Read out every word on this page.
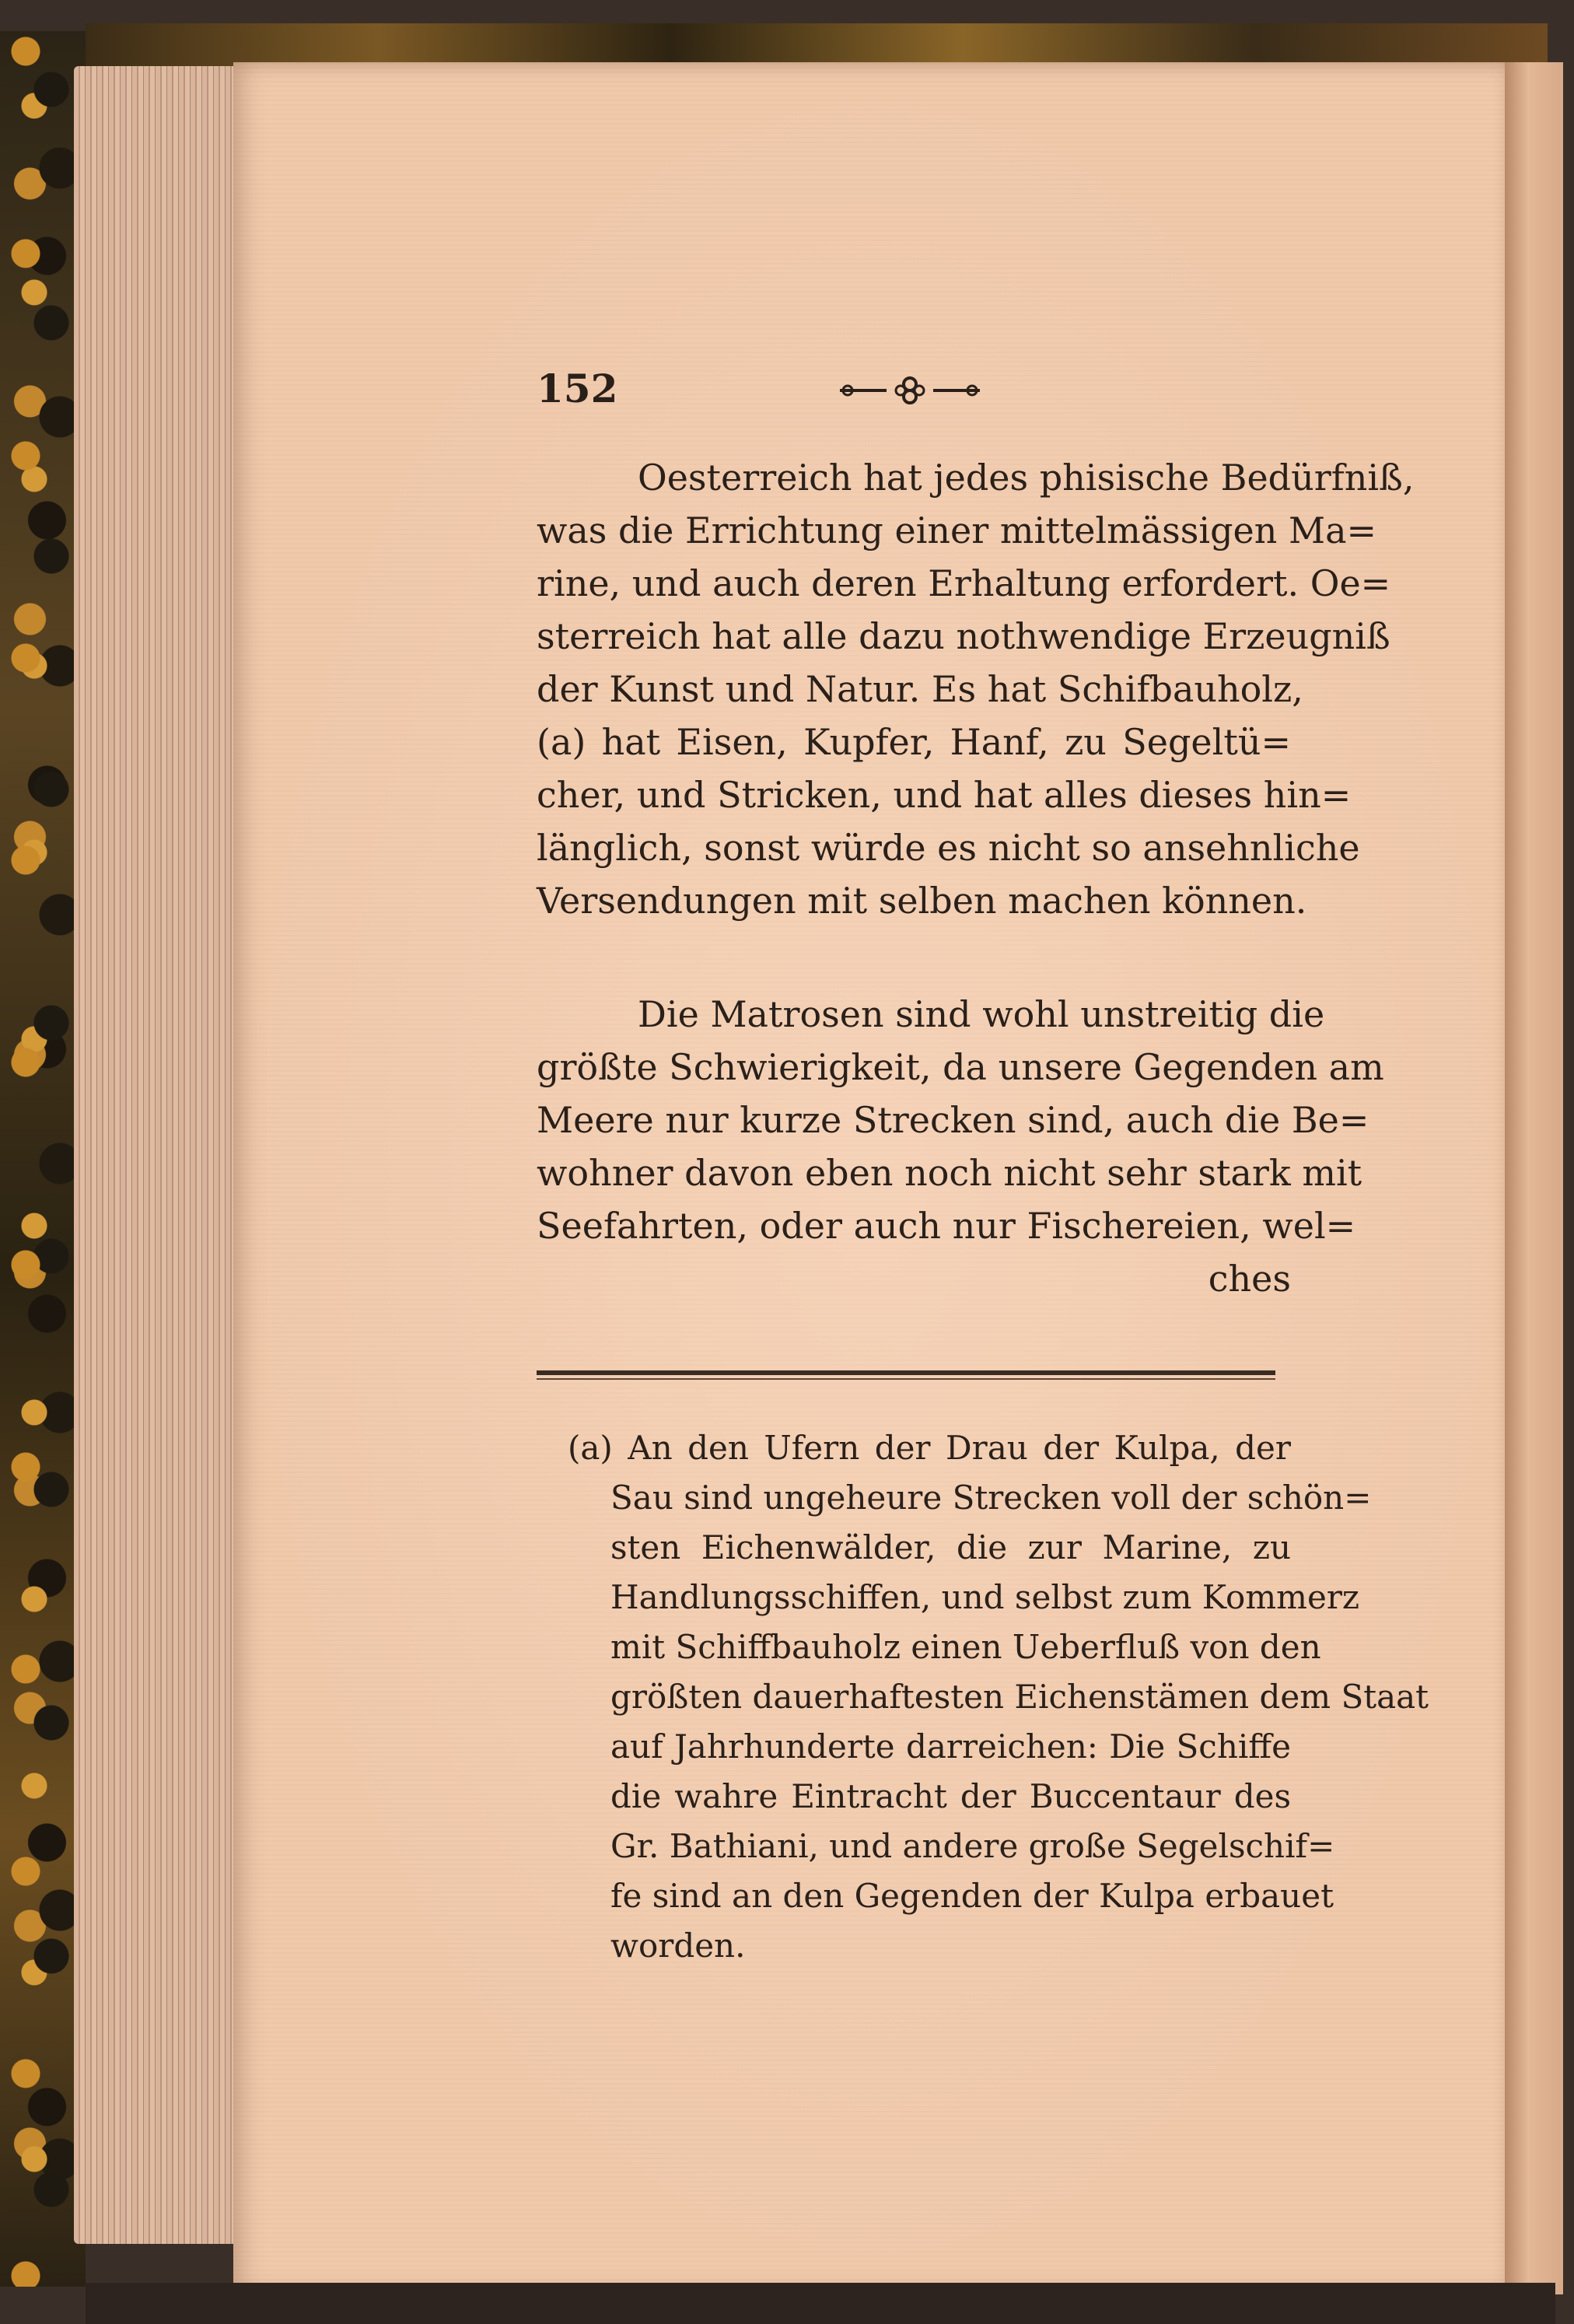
152
Oesterreich hat jedes phisische Bedürfniß,
was die Errichtung einer mittelmässigen Ma=
rine, und auch deren Erhaltung erfordert. Oe=
sterreich hat alle dazu nothwendige Erzeugniß
der Kunst und Natur. Es hat Schifbauholz,
(a) hat Eisen, Kupfer, Hanf, zu Segeltü=
cher, und Stricken, und hat alles dieses hin=
länglich, sonst würde es nicht so ansehnliche
Versendungen mit selben machen können.
Die Matrosen sind wohl unstreitig die
größte Schwierigkeit, da unsere Gegenden am
Meere nur kurze Strecken sind, auch die Be=
wohner davon eben noch nicht sehr stark mit
Seefahrten, oder auch nur Fischereien, wel=
ches
(a) An den Ufern der Drau der Kulpa, der
Sau sind ungeheure Strecken voll der schön=
sten Eichenwälder, die zur Marine, zu
Handlungsschiffen, und selbst zum Kommerz
mit Schiffbauholz einen Ueberfluß von den
größten dauerhaftesten Eichenstämen dem Staat
auf Jahrhunderte darreichen: Die Schiffe
die wahre Eintracht der Buccentaur des
Gr. Bathiani, und andere große Segelschif=
fe sind an den Gegenden der Kulpa erbauet
worden.
